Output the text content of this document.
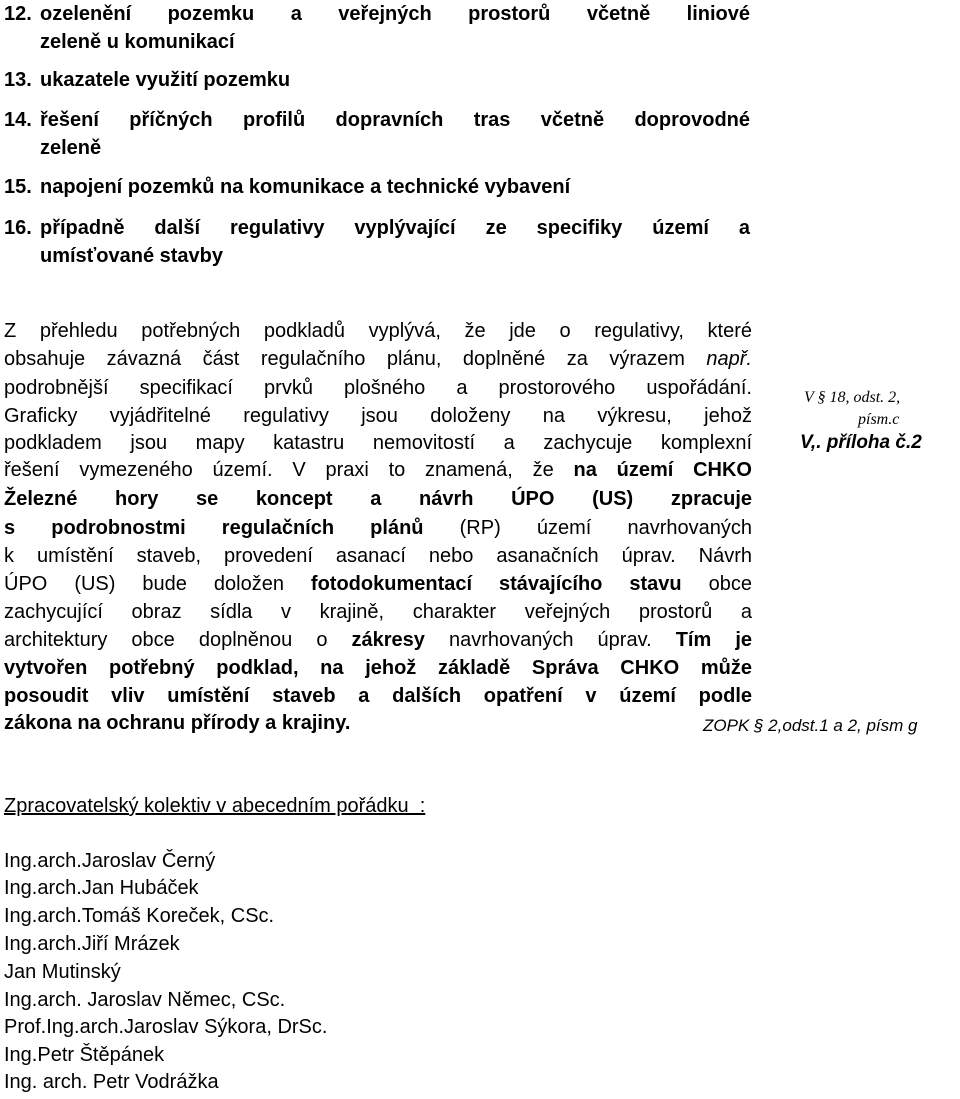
12. ozelenění pozemku a veřejných prostorů včetně liniové
zeleně u komunikací
13. ukazatele využití pozemku
14. řešení příčných profilů dopravních tras včetně doprovodné
zeleně
15. napojení pozemků na komunikace a technické vybavení
16. případně další regulativy vyplývající ze specifiky území a
umísťované stavby
Z přehledu potřebných podkladů vyplývá, že jde o regulativy, které
obsahuje závazná část regulačního plánu, doplněné za výrazem např.
podrobnější specifikací prvků plošného a prostorového uspořádání.
Graficky vyjádřitelné regulativy jsou doloženy na výkresu, jehož
podkladem jsou mapy katastru nemovitostí a zachycuje komplexní
řešení vymezeného území. V praxi to znamená, že na území CHKO
Železné hory se koncept a návrh ÚPO (US) zpracuje
s podrobnostmi regulačních plánů (RP) území navrhovaných
k umístění staveb, provedení asanací nebo asanačních úprav. Návrh
ÚPO (US) bude doložen fotodokumentací stávajícího stavu obce
zachycující obraz sídla v krajině, charakter veřejných prostorů a
architektury obce doplněnou o zákresy navrhovaných úprav. Tím je
vytvořen potřebný podklad, na jehož základě Správa CHKO může
posoudit vliv umístění staveb a dalších opatření v území podle
zákona na ochranu přírody a krajiny.
V § 18, odst. 2,
písm.c
V,. příloha č.2
ZOPK § 2,odst.1 a 2, písm g
Zpracovatelský kolektiv v abecedním pořádku  :
Ing.arch.Jaroslav Černý
Ing.arch.Jan Hubáček
Ing.arch.Tomáš Koreček, CSc.
Ing.arch.Jiří Mrázek
Jan Mutinský
Ing.arch. Jaroslav Němec, CSc.
Prof.Ing.arch.Jaroslav Sýkora, DrSc.
Ing.Petr Štěpánek
Ing. arch. Petr Vodrážka
